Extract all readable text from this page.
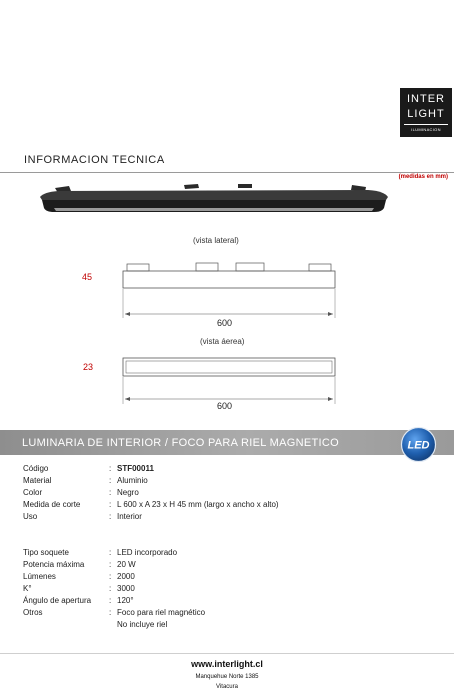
INTER
LIGHT
ILUMINACION
INFORMACION TECNICA
(medidas en mm)
(vista lateral)
45
600
(vista áerea)
23
600
LUMINARIA DE INTERIOR / FOCO PARA RIEL MAGNETICO	LED
Código	: STF00011
Material	: Aluminio
Color	: Negro
Medida de corte	: L 600 x A 23 x H 45 mm (largo x ancho x alto)
Uso	: Interior
Tipo soquete	: LED incorporado
Potencia máxima	: 20 W
Lúmenes	: 2000
K°	: 3000
Ángulo de apertura : 120°
Otros	: Foco para riel magnético
No incluye riel
www.interlight.cl
Manquehue Norte 1385
Vitacura
